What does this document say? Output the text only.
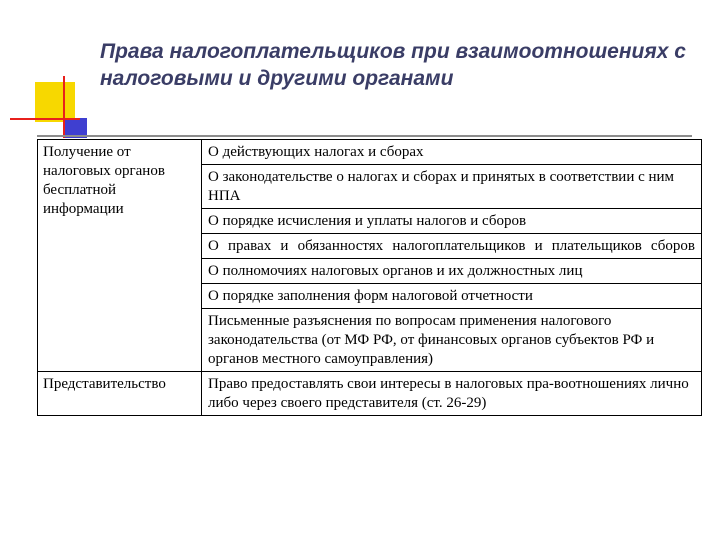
Права налогоплательщиков при взаимоотношениях с налоговыми и другими органами
Получение от налоговых органов бесплатной информации	О действующих налогах и сборах
	О законодательстве о налогах и сборах и принятых в соответствии с ним НПА
	О порядке исчисления и уплаты налогов и сборов
	О правах и обязанностях налогоплательщиков и плательщиков сборов
	О полномочиях налоговых органов и их должностных лиц
	О порядке заполнения форм налоговой отчетности
	Письменные разъяснения по вопросам применения налогового законодательства (от МФ РФ, от финансовых органов субъектов РФ и органов местного самоуправления)
Представительство	Право предоставлять свои интересы в налоговых пра-воотношениях лично либо через своего представителя (ст. 26-29)
